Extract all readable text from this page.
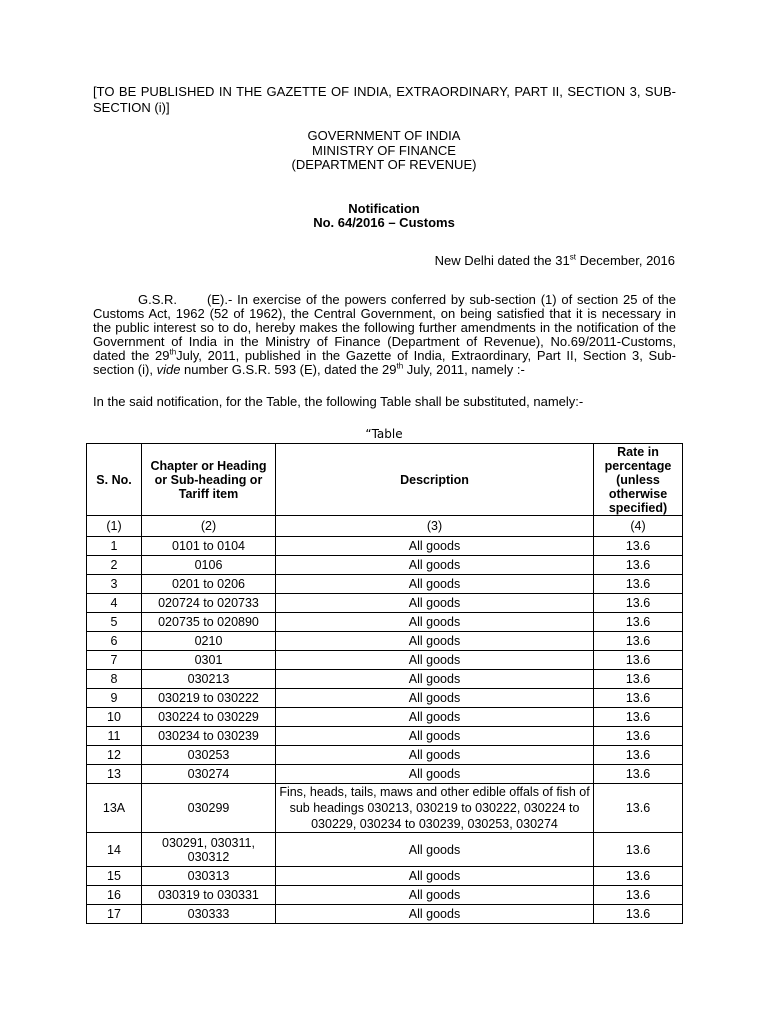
[TO BE PUBLISHED IN THE GAZETTE OF INDIA, EXTRAORDINARY, PART II, SECTION 3, SUB-SECTION (i)]
GOVERNMENT OF INDIA
MINISTRY OF FINANCE
(DEPARTMENT OF REVENUE)
Notification
No. 64/2016 – Customs
New Delhi dated the 31st December, 2016
G.S.R. (E).- In exercise of the powers conferred by sub-section (1) of section 25 of the Customs Act, 1962 (52 of 1962), the Central Government, on being satisfied that it is necessary in the public interest so to do, hereby makes the following further amendments in the notification of the Government of India in the Ministry of Finance (Department of Revenue), No.69/2011-Customs, dated the 29thJuly, 2011, published in the Gazette of India, Extraordinary, Part II, Section 3, Sub-section (i), vide number G.S.R. 593 (E), dated the 29th July, 2011, namely :-
In the said notification, for the Table, the following Table shall be substituted, namely:-
“Table
S. No.	Chapter or Heading or Sub-heading or Tariff item	Description	Rate in percentage (unless otherwise specified)
(1)	(2)	(3)	(4)
1	0101 to 0104	All goods	13.6
2	0106	All goods	13.6
3	0201 to 0206	All goods	13.6
4	020724 to 020733	All goods	13.6
5	020735 to 020890	All goods	13.6
6	0210	All goods	13.6
7	0301	All goods	13.6
8	030213	All goods	13.6
9	030219 to 030222	All goods	13.6
10	030224 to 030229	All goods	13.6
11	030234 to 030239	All goods	13.6
12	030253	All goods	13.6
13	030274	All goods	13.6
13A	030299	Fins, heads, tails, maws and other edible offals of fish of sub headings 030213, 030219 to 030222, 030224 to 030229, 030234 to 030239, 030253, 030274	13.6
14	030291, 030311, 030312	All goods	13.6
15	030313	All goods	13.6
16	030319 to 030331	All goods	13.6
17	030333	All goods	13.6
